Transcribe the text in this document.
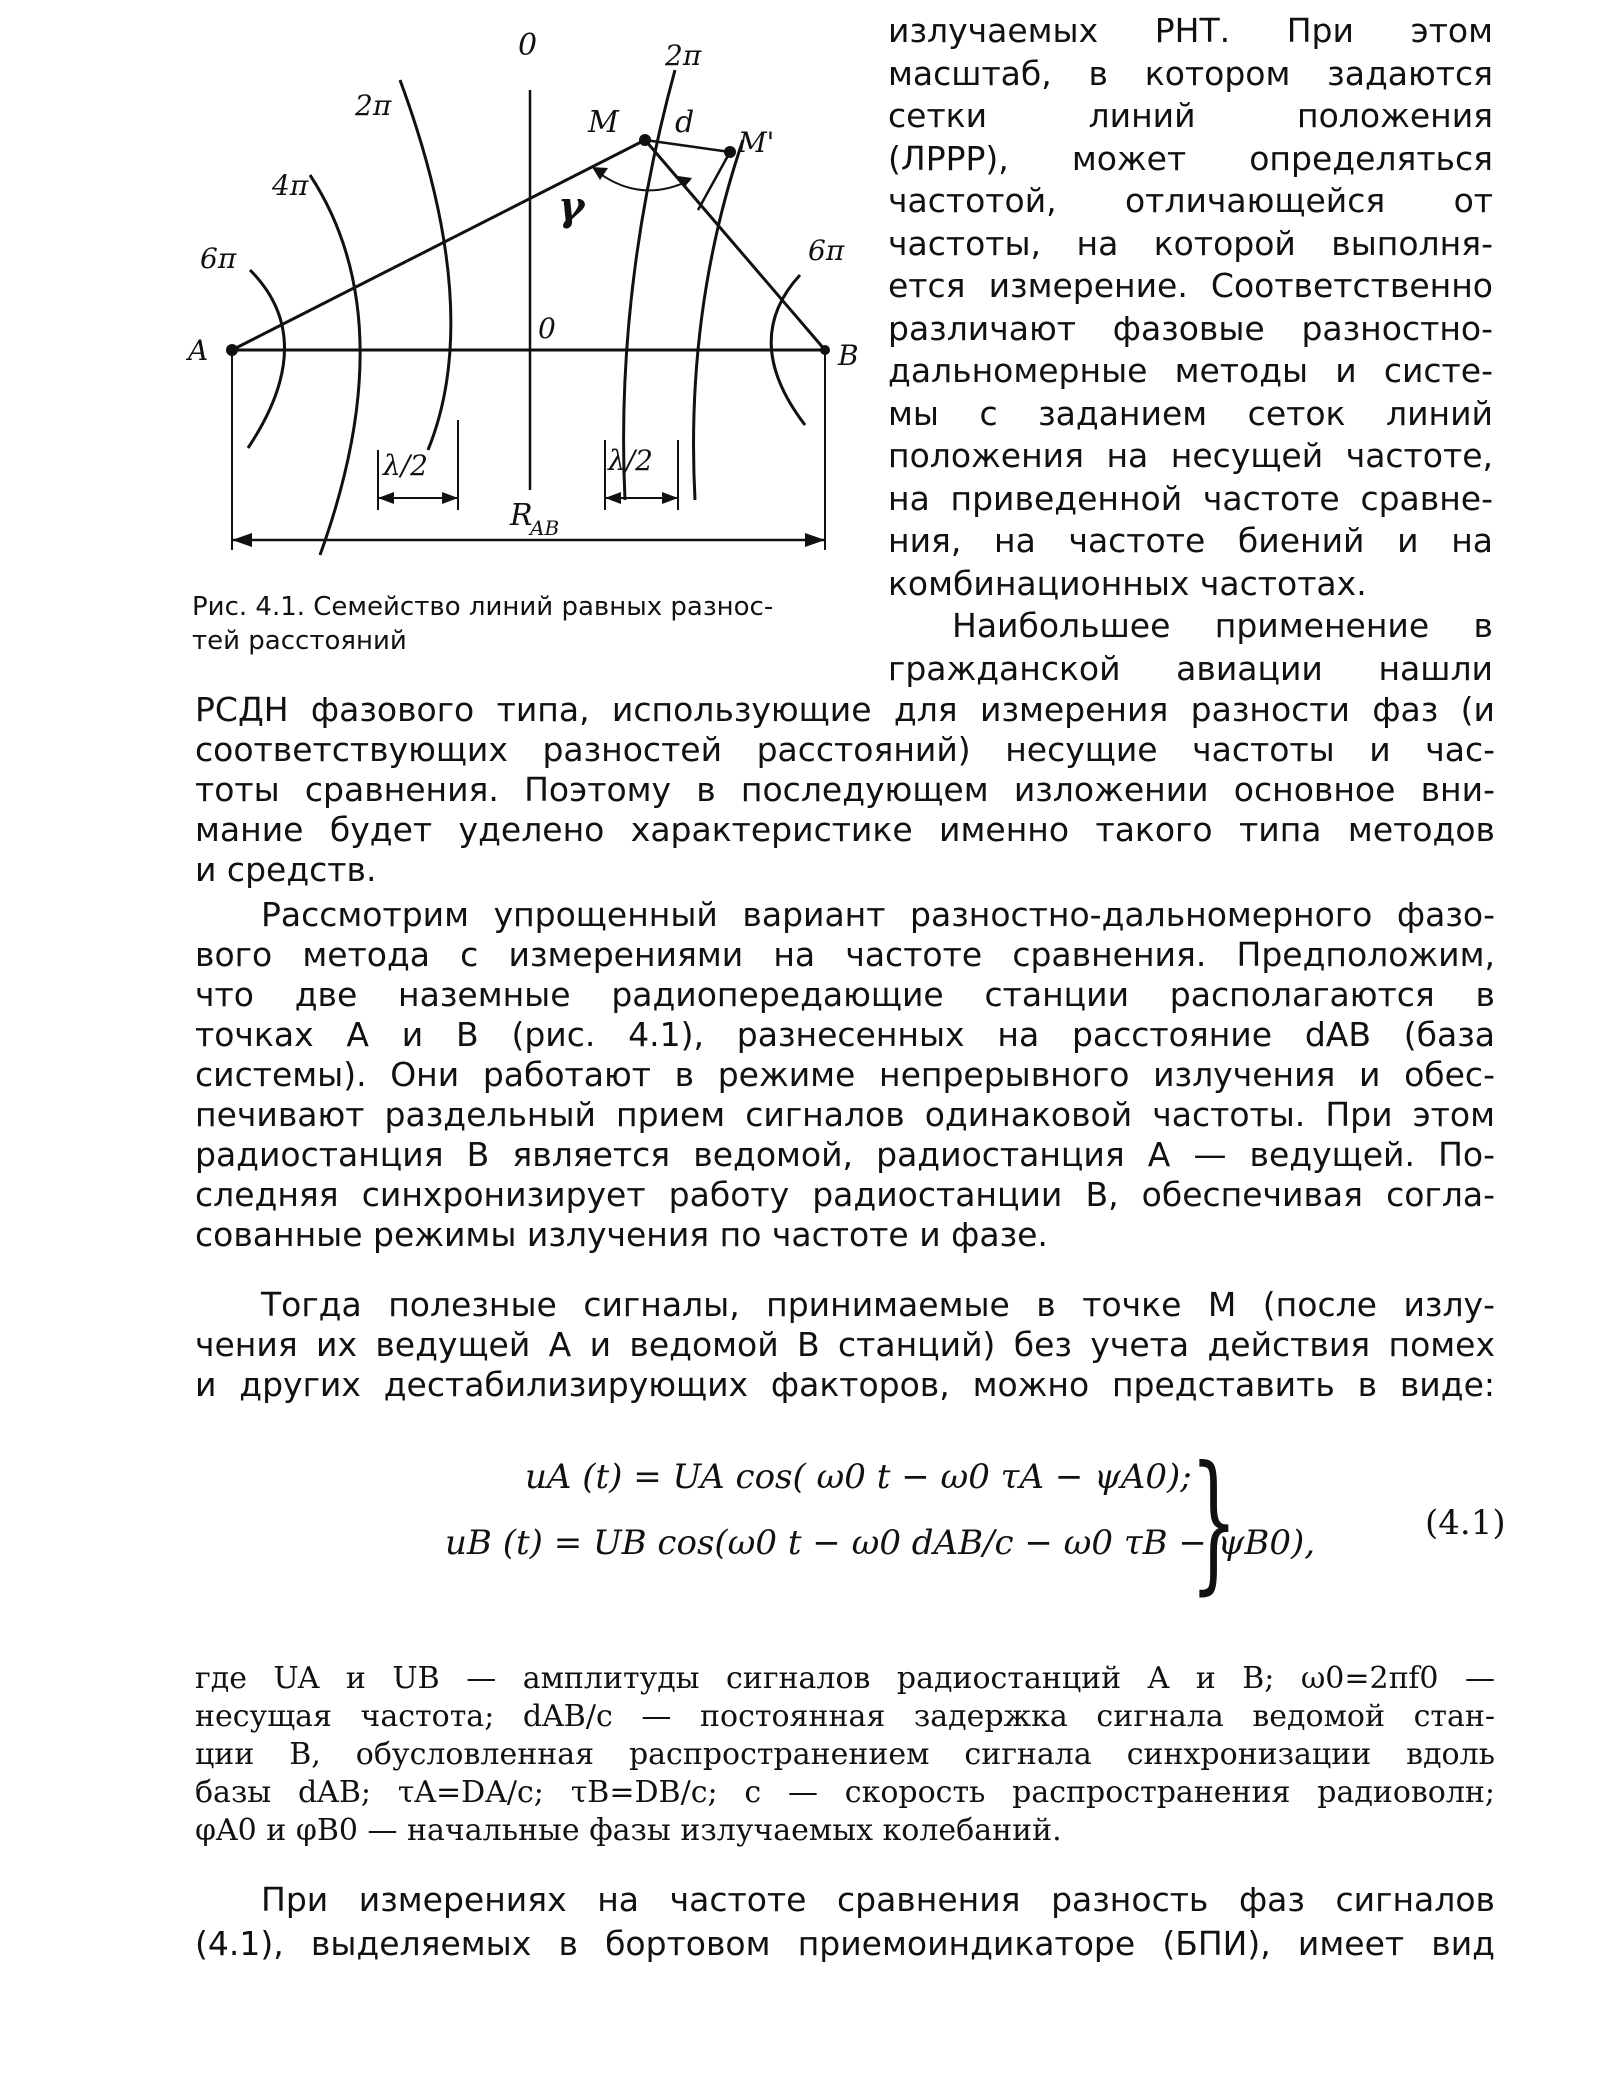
0
0
2π
2π
4π
6π	6π
M d
M'
γ
A	B
λ/2	λ/2
R
AB
Рис. 4.1. Семейство линий равных разнос-
тей расстояний
излучаемых РНТ. При этом
масштаб, в котором задаются
сетки линий положения
(ЛРРР), может определяться
частотой, отличающейся от
частоты, на которой выполня-
ется измерение. Соответственно
различают фазовые разностно-
дальномерные методы и систе-
мы с заданием сеток линий
положения на несущей частоте,
на приведенной частоте сравне-
ния, на частоте биений и на
комбинационных частотах.
Наибольшее применение в
гражданской авиации нашли
РСДН фазового типа, использующие для измерения разности фаз (и
соответствующих разностей расстояний) несущие частоты и час-
тоты сравнения. Поэтому в последующем изложении основное вни-
мание будет уделено характеристике именно такого типа методов
и средств.
Рассмотрим упрощенный вариант разностно-дальномерного фазо-
вого метода с измерениями на частоте сравнения. Предположим,
что две наземные радиопередающие станции располагаются в
точках A и B (рис. 4.1), разнесенных на расстояние dAB (база
системы). Они работают в режиме непрерывного излучения и обес-
печивают раздельный прием сигналов одинаковой частоты. При этом
радиостанция B является ведомой, радиостанция A — ведущей. По-
следняя синхронизирует работу радиостанции B, обеспечивая согла-
сованные режимы излучения по частоте и фазе.
Тогда полезные сигналы, принимаемые в точке M (после излу-
чения их ведущей A и ведомой B станций) без учета действия помех
и других дестабилизирующих факторов, можно представить в виде:
uA (t) = UA cos( ω0 t − ω0 τA − ψA0);
uB (t) = UB cos(ω0 t − ω0 dAB/c − ω0 τB − ψB0),
}	(4.1)
где UA и UB — амплитуды сигналов радиостанций A и B; ω0=2πf0 —
несущая частота; dAB/c — постоянная задержка сигнала ведомой стан-
ции B, обусловленная распространением сигнала синхронизации вдоль
базы dAB; τA=DA/c; τB=DB/c; c — скорость распространения радиоволн;
φA0 и φB0 — начальные фазы излучаемых колебаний.
При измерениях на частоте сравнения разность фаз сигналов
(4.1), выделяемых в бортовом приемоиндикаторе (БПИ), имеет вид
